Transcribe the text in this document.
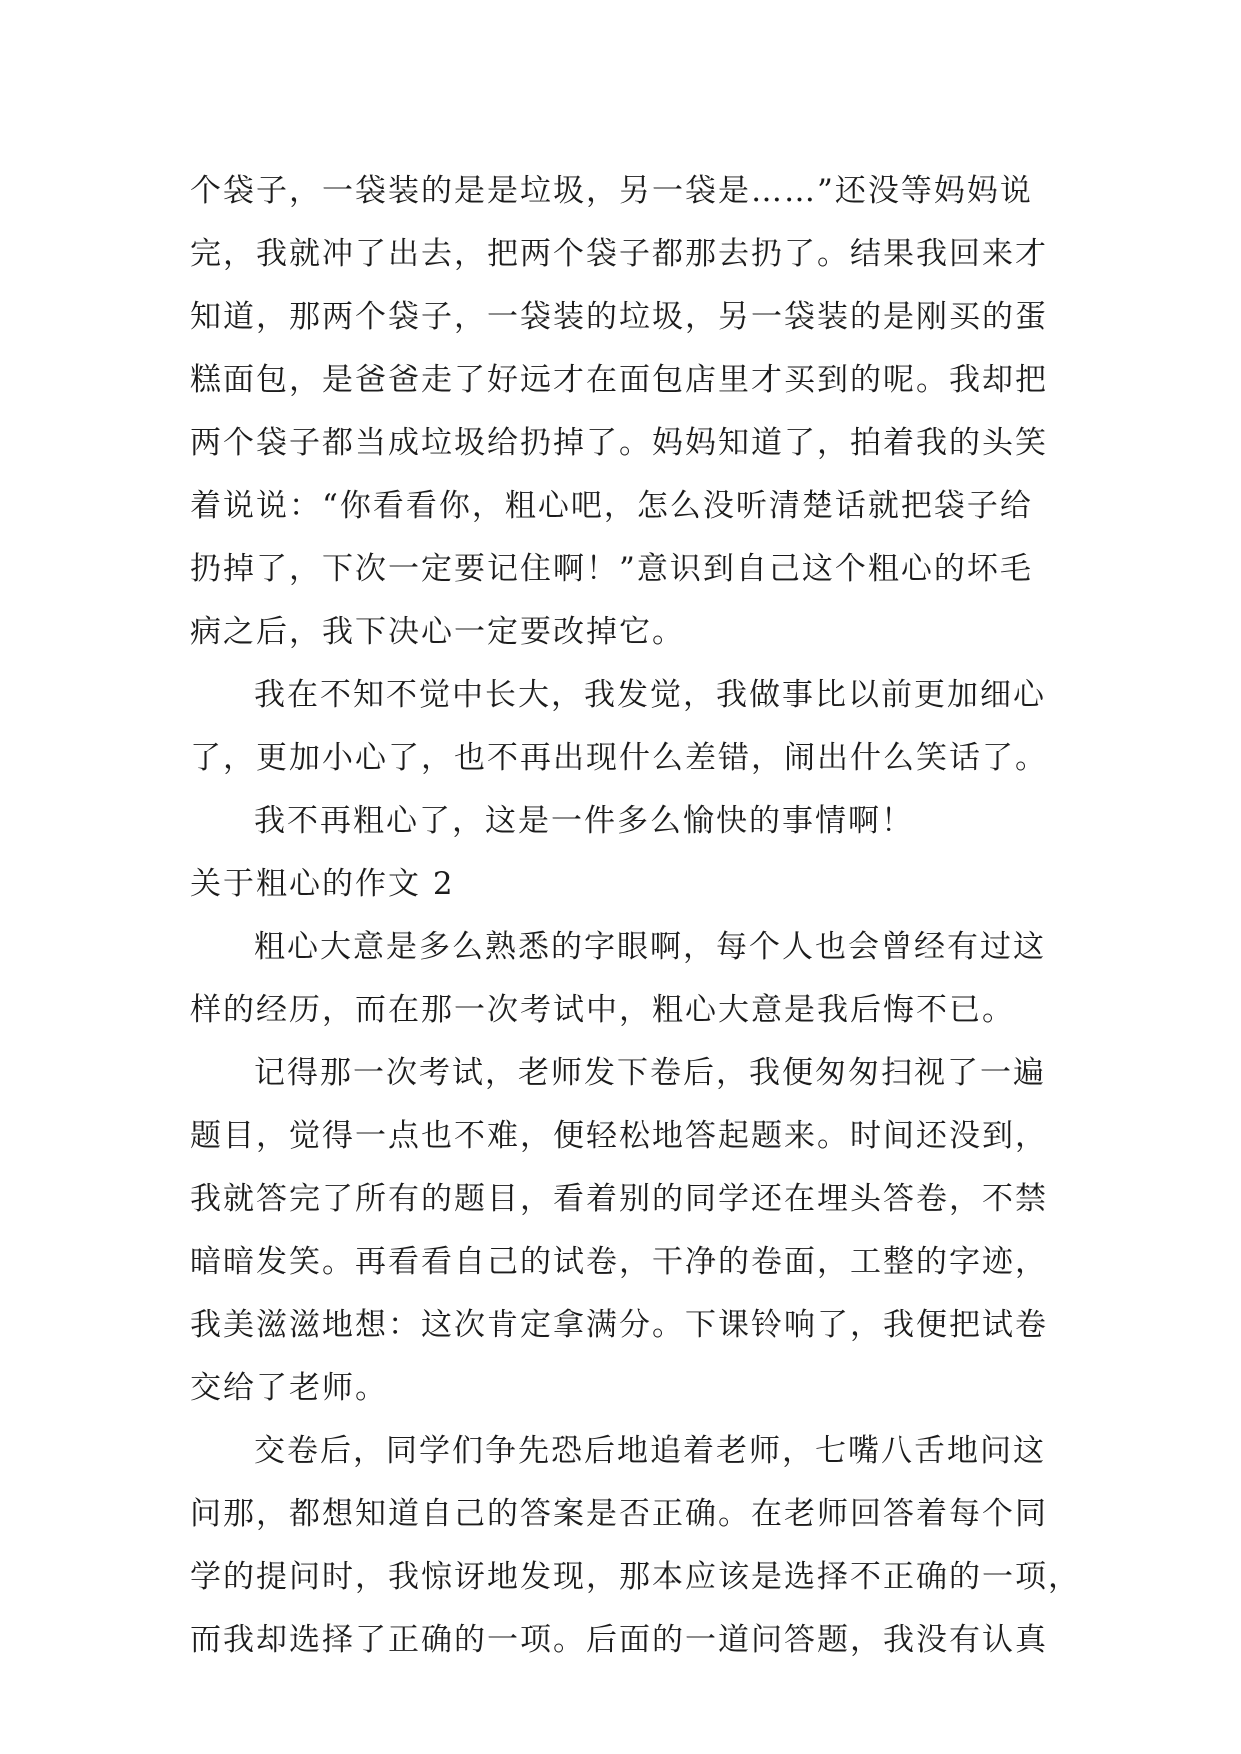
个袋子，一袋装的是是垃圾，另一袋是……”还没等妈妈说
完，我就冲了出去，把两个袋子都那去扔了。结果我回来才
知道，那两个袋子，一袋装的垃圾，另一袋装的是刚买的蛋
糕面包，是爸爸走了好远才在面包店里才买到的呢。我却把
两个袋子都当成垃圾给扔掉了。妈妈知道了，拍着我的头笑
着说说：“你看看你，粗心吧，怎么没听清楚话就把袋子给
扔掉了，下次一定要记住啊！”意识到自己这个粗心的坏毛
病之后，我下决心一定要改掉它。
我在不知不觉中长大，我发觉，我做事比以前更加细心
了，更加小心了，也不再出现什么差错，闹出什么笑话了。
我不再粗心了，这是一件多么愉快的事情啊！
关于粗心的作文 2
粗心大意是多么熟悉的字眼啊，每个人也会曾经有过这
样的经历，而在那一次考试中，粗心大意是我后悔不已。
记得那一次考试，老师发下卷后，我便匆匆扫视了一遍
题目，觉得一点也不难，便轻松地答起题来。时间还没到，
我就答完了所有的题目，看着别的同学还在埋头答卷，不禁
暗暗发笑。再看看自己的试卷，干净的卷面，工整的字迹，
我美滋滋地想：这次肯定拿满分。下课铃响了，我便把试卷
交给了老师。
交卷后，同学们争先恐后地追着老师，七嘴八舌地问这
问那，都想知道自己的答案是否正确。在老师回答着每个同
学的提问时，我惊讶地发现，那本应该是选择不正确的一项，
而我却选择了正确的一项。后面的一道问答题，我没有认真
